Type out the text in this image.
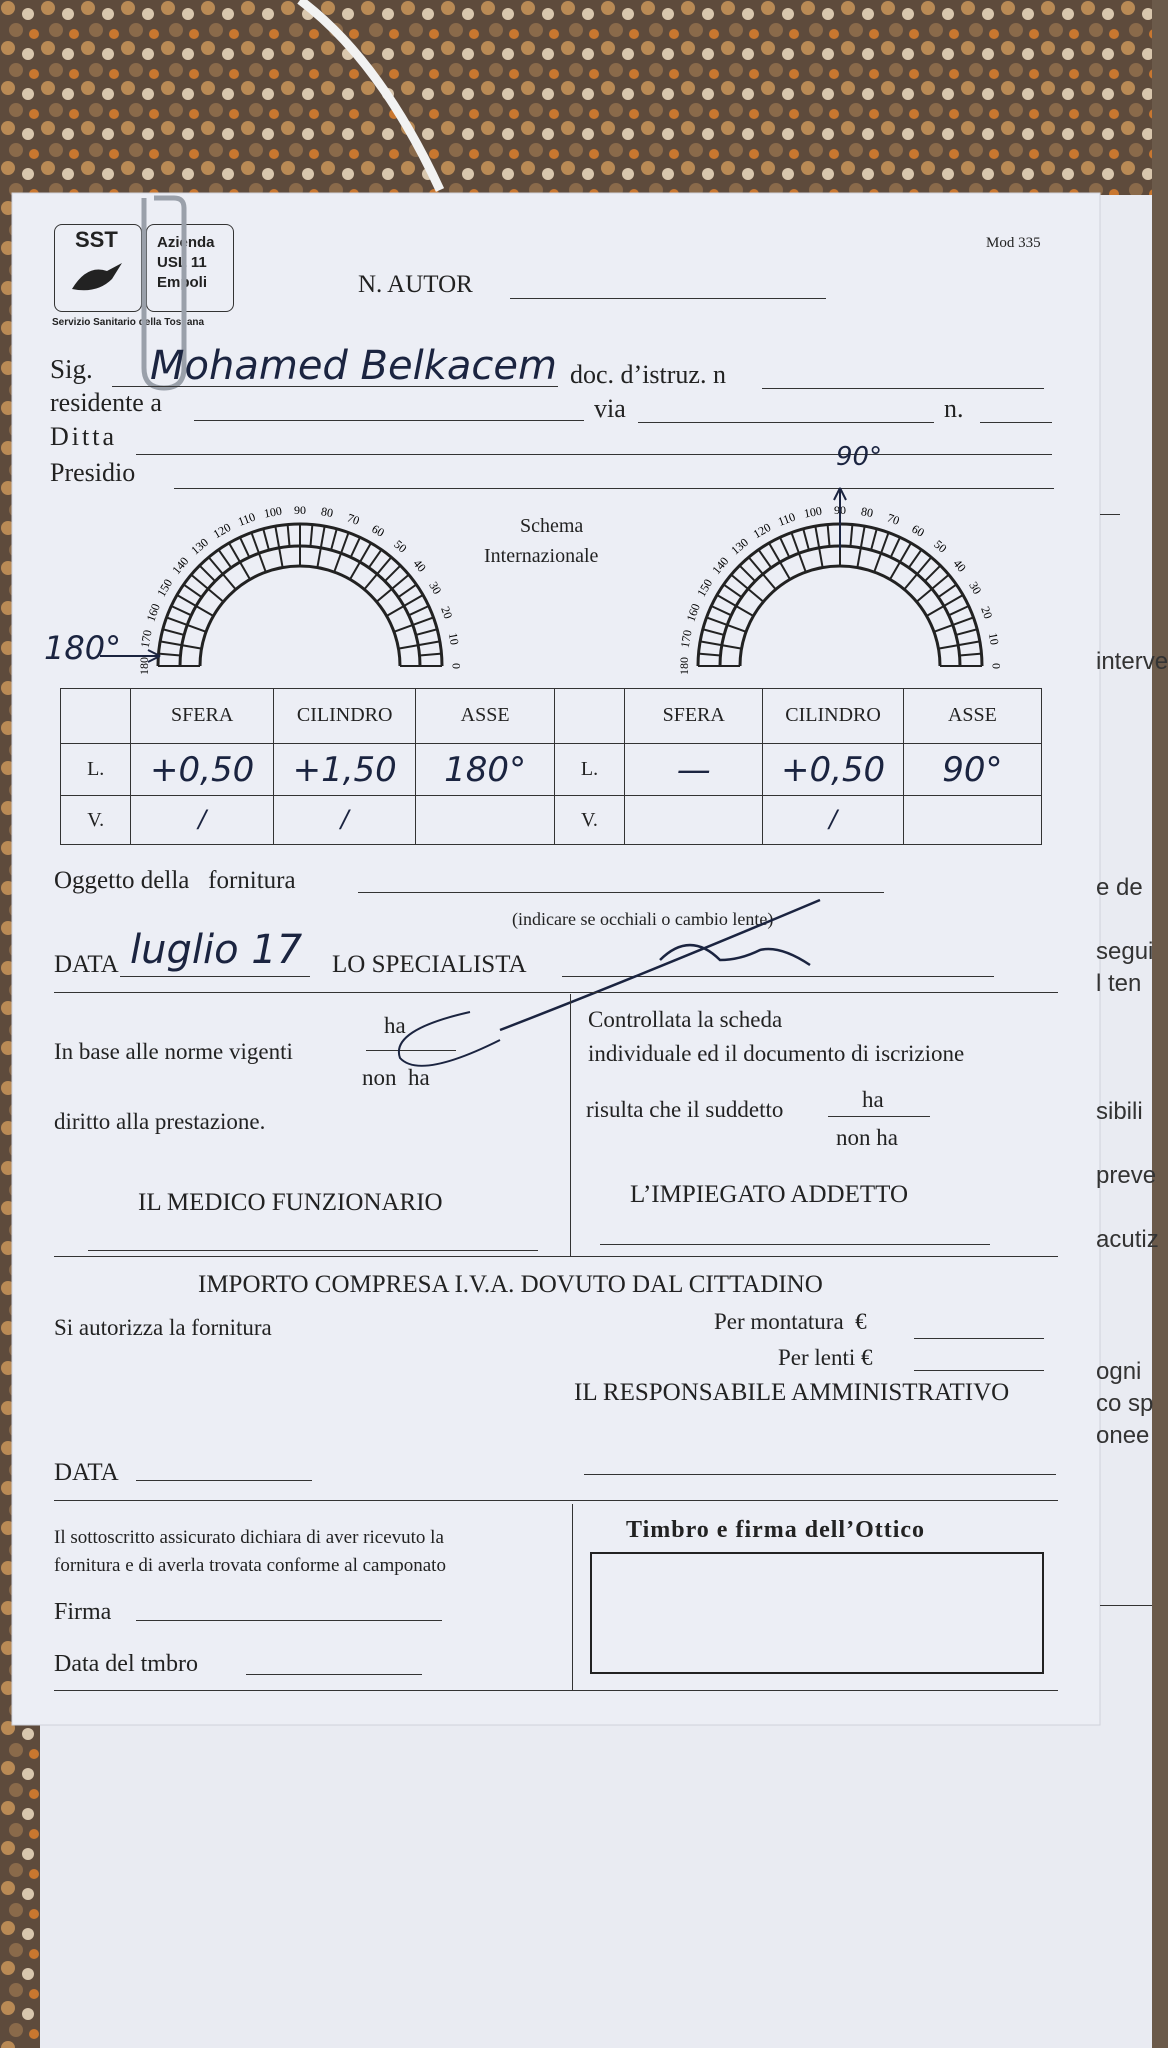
interve
e de
segui
l ten
sibili
preve
acutiz
ogni
co sp
onee
SST	Azienda USL 11 Empoli
Servizio Sanitario della Toscana
Mod 335
N. AUTOR
Sig. Mohamed Belkacem doc. d’istruz. n
residente a	via	n.
Ditta
Presidio
Schema
Internazionale
180
170
160
150
140
130
120
110 100 90 80 70
60
50
40
30
20
10
0	0
10
20
30
40
50
60
70
80
90
100
110
120
130
140
150
160
170
180
180°
90°
	SFERA	CILINDRO	ASSE		SFERA	CILINDRO	ASSE
L.	+0,50	+1,50	180°	L.	—	+0,50	90°
V.	/	/		V.		/	
Oggetto della   fornitura
(indicare se occhiali o cambio lente)
DATA luglio 17 LO SPECIALISTA
In base alle norme vigenti
ha
non  ha
diritto alla prestazione.
Controllata la scheda
individuale ed il documento di iscrizione
risulta che il suddetto	ha
non ha
IL MEDICO FUNZIONARIO	L’IMPIEGATO ADDETTO
IMPORTO COMPRESA I.V.A. DOVUTO DAL CITTADINO
Si autorizza la fornitura	Per montatura  €
Per lenti €
IL RESPONSABILE AMMINISTRATIVO
DATA
Il sottoscritto assicurato dichiara di aver ricevuto la
fornitura e di averla trovata conforme al camponato
Firma
Data del tmbro
Timbro e firma dell’Ottico
